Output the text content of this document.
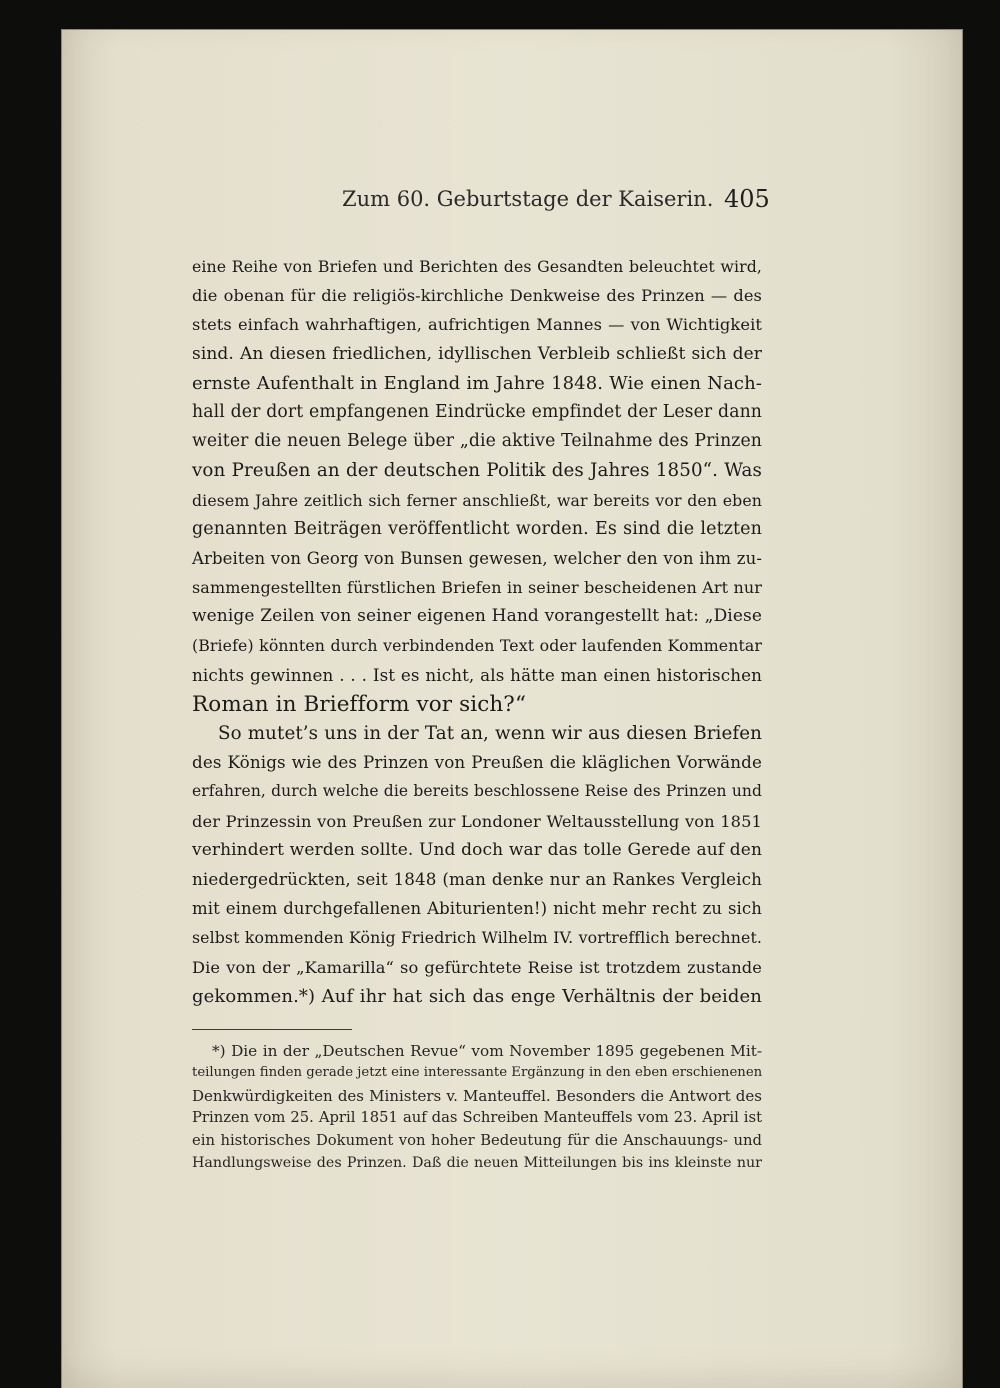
Zum 60. Geburtstage der Kaiserin. 405
eine Reihe von Briefen und Berichten des Gesandten beleuchtet wird,
die obenan für die religiös-kirchliche Denkweise des Prinzen — des
stets einfach wahrhaftigen, aufrichtigen Mannes — von Wichtigkeit
sind. An diesen friedlichen, idyllischen Verbleib schließt sich der
ernste Aufenthalt in England im Jahre 1848. Wie einen Nach-
hall der dort empfangenen Eindrücke empfindet der Leser dann
weiter die neuen Belege über „die aktive Teilnahme des Prinzen
von Preußen an der deutschen Politik des Jahres 1850“. Was
diesem Jahre zeitlich sich ferner anschließt, war bereits vor den eben
genannten Beiträgen veröffentlicht worden. Es sind die letzten
Arbeiten von Georg von Bunsen gewesen, welcher den von ihm zu-
sammengestellten fürstlichen Briefen in seiner bescheidenen Art nur
wenige Zeilen von seiner eigenen Hand vorangestellt hat: „Diese
(Briefe) könnten durch verbindenden Text oder laufenden Kommentar
nichts gewinnen . . . Ist es nicht, als hätte man einen historischen
Roman in Briefform vor sich?“
So mutet’s uns in der Tat an, wenn wir aus diesen Briefen
des Königs wie des Prinzen von Preußen die kläglichen Vorwände
erfahren, durch welche die bereits beschlossene Reise des Prinzen und
der Prinzessin von Preußen zur Londoner Weltausstellung von 1851
verhindert werden sollte. Und doch war das tolle Gerede auf den
niedergedrückten, seit 1848 (man denke nur an Rankes Vergleich
mit einem durchgefallenen Abiturienten!) nicht mehr recht zu sich
selbst kommenden König Friedrich Wilhelm IV. vortrefflich berechnet.
Die von der „Kamarilla“ so gefürchtete Reise ist trotzdem zustande
gekommen.*) Auf ihr hat sich das enge Verhältnis der beiden
*) Die in der „Deutschen Revue“ vom November 1895 gegebenen Mit-
teilungen finden gerade jetzt eine interessante Ergänzung in den eben erschienenen
Denkwürdigkeiten des Ministers v. Manteuffel. Besonders die Antwort des
Prinzen vom 25. April 1851 auf das Schreiben Manteuffels vom 23. April ist
ein historisches Dokument von hoher Bedeutung für die Anschauungs- und
Handlungsweise des Prinzen. Daß die neuen Mitteilungen bis ins kleinste nur
